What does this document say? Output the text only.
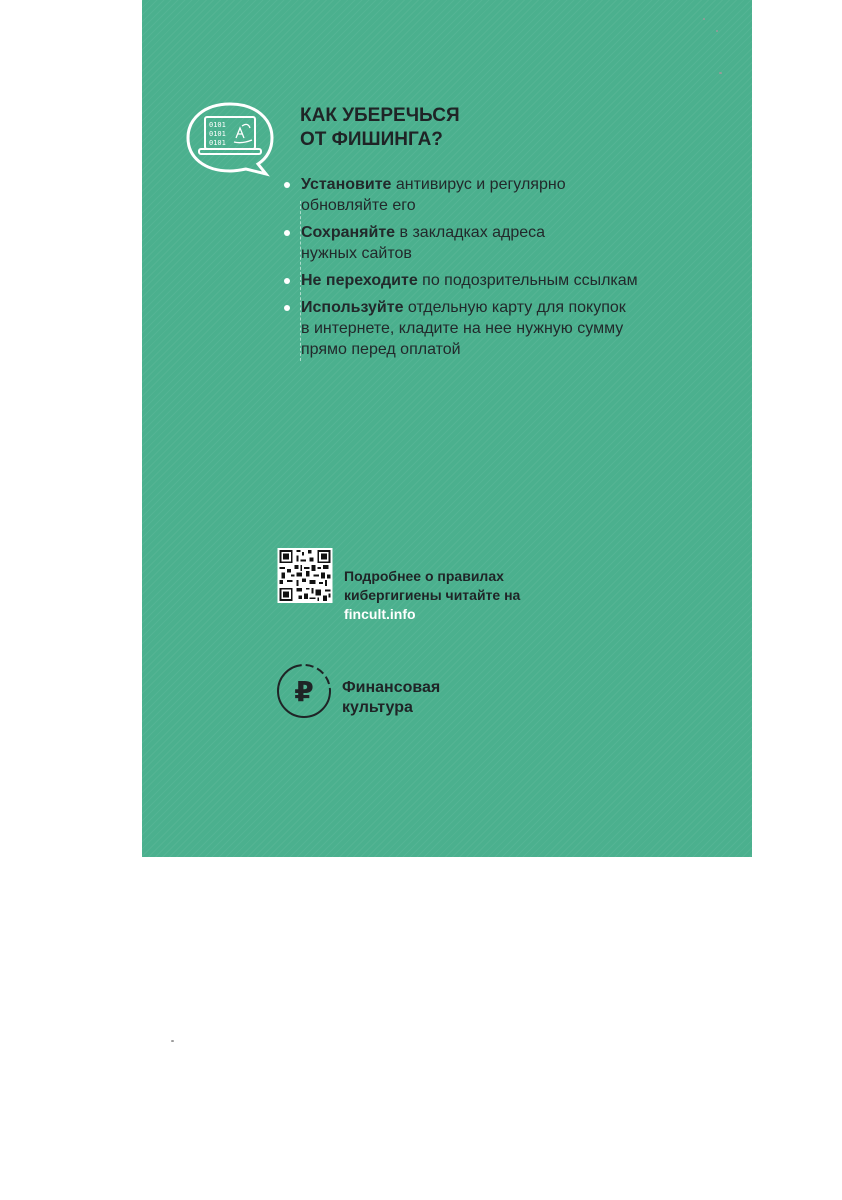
0101
0101
0101
КАК УБЕРЕЧЬСЯ
ОТ ФИШИНГА?
Установите антивирус и регулярно
обновляйте его
Сохраняйте в закладках адреса
нужных сайтов
Не переходите по подозрительным ссылкам
Используйте отдельную карту для покупок
в интернете, кладите на нее нужную сумму
прямо перед оплатой
Подробнее о правилах
кибергигиены читайте на
fincult.info
₽ Финансовая
культура
